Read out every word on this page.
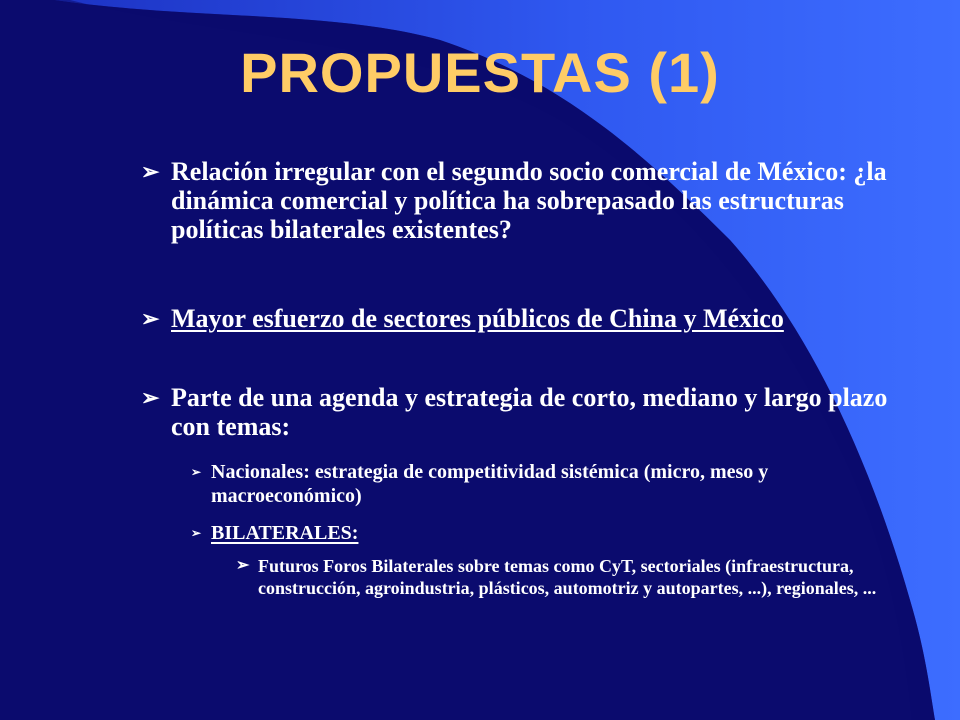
PROPUESTAS (1)
➢ Relación irregular con el segundo socio comercial de México: ¿la dinámica comercial y política ha sobrepasado las estructuras políticas bilaterales existentes?
➢ Mayor esfuerzo de sectores públicos de China y México
➢ Parte de una agenda y estrategia de corto, mediano y largo plazo con temas:
➢ Nacionales: estrategia de competitividad sistémica (micro, meso y macroeconómico)
➢ BILATERALES:
➢ Futuros Foros Bilaterales sobre temas como CyT, sectoriales (infraestructura, construcción, agroindustria, plásticos, automotriz y autopartes, ...), regionales, ...
